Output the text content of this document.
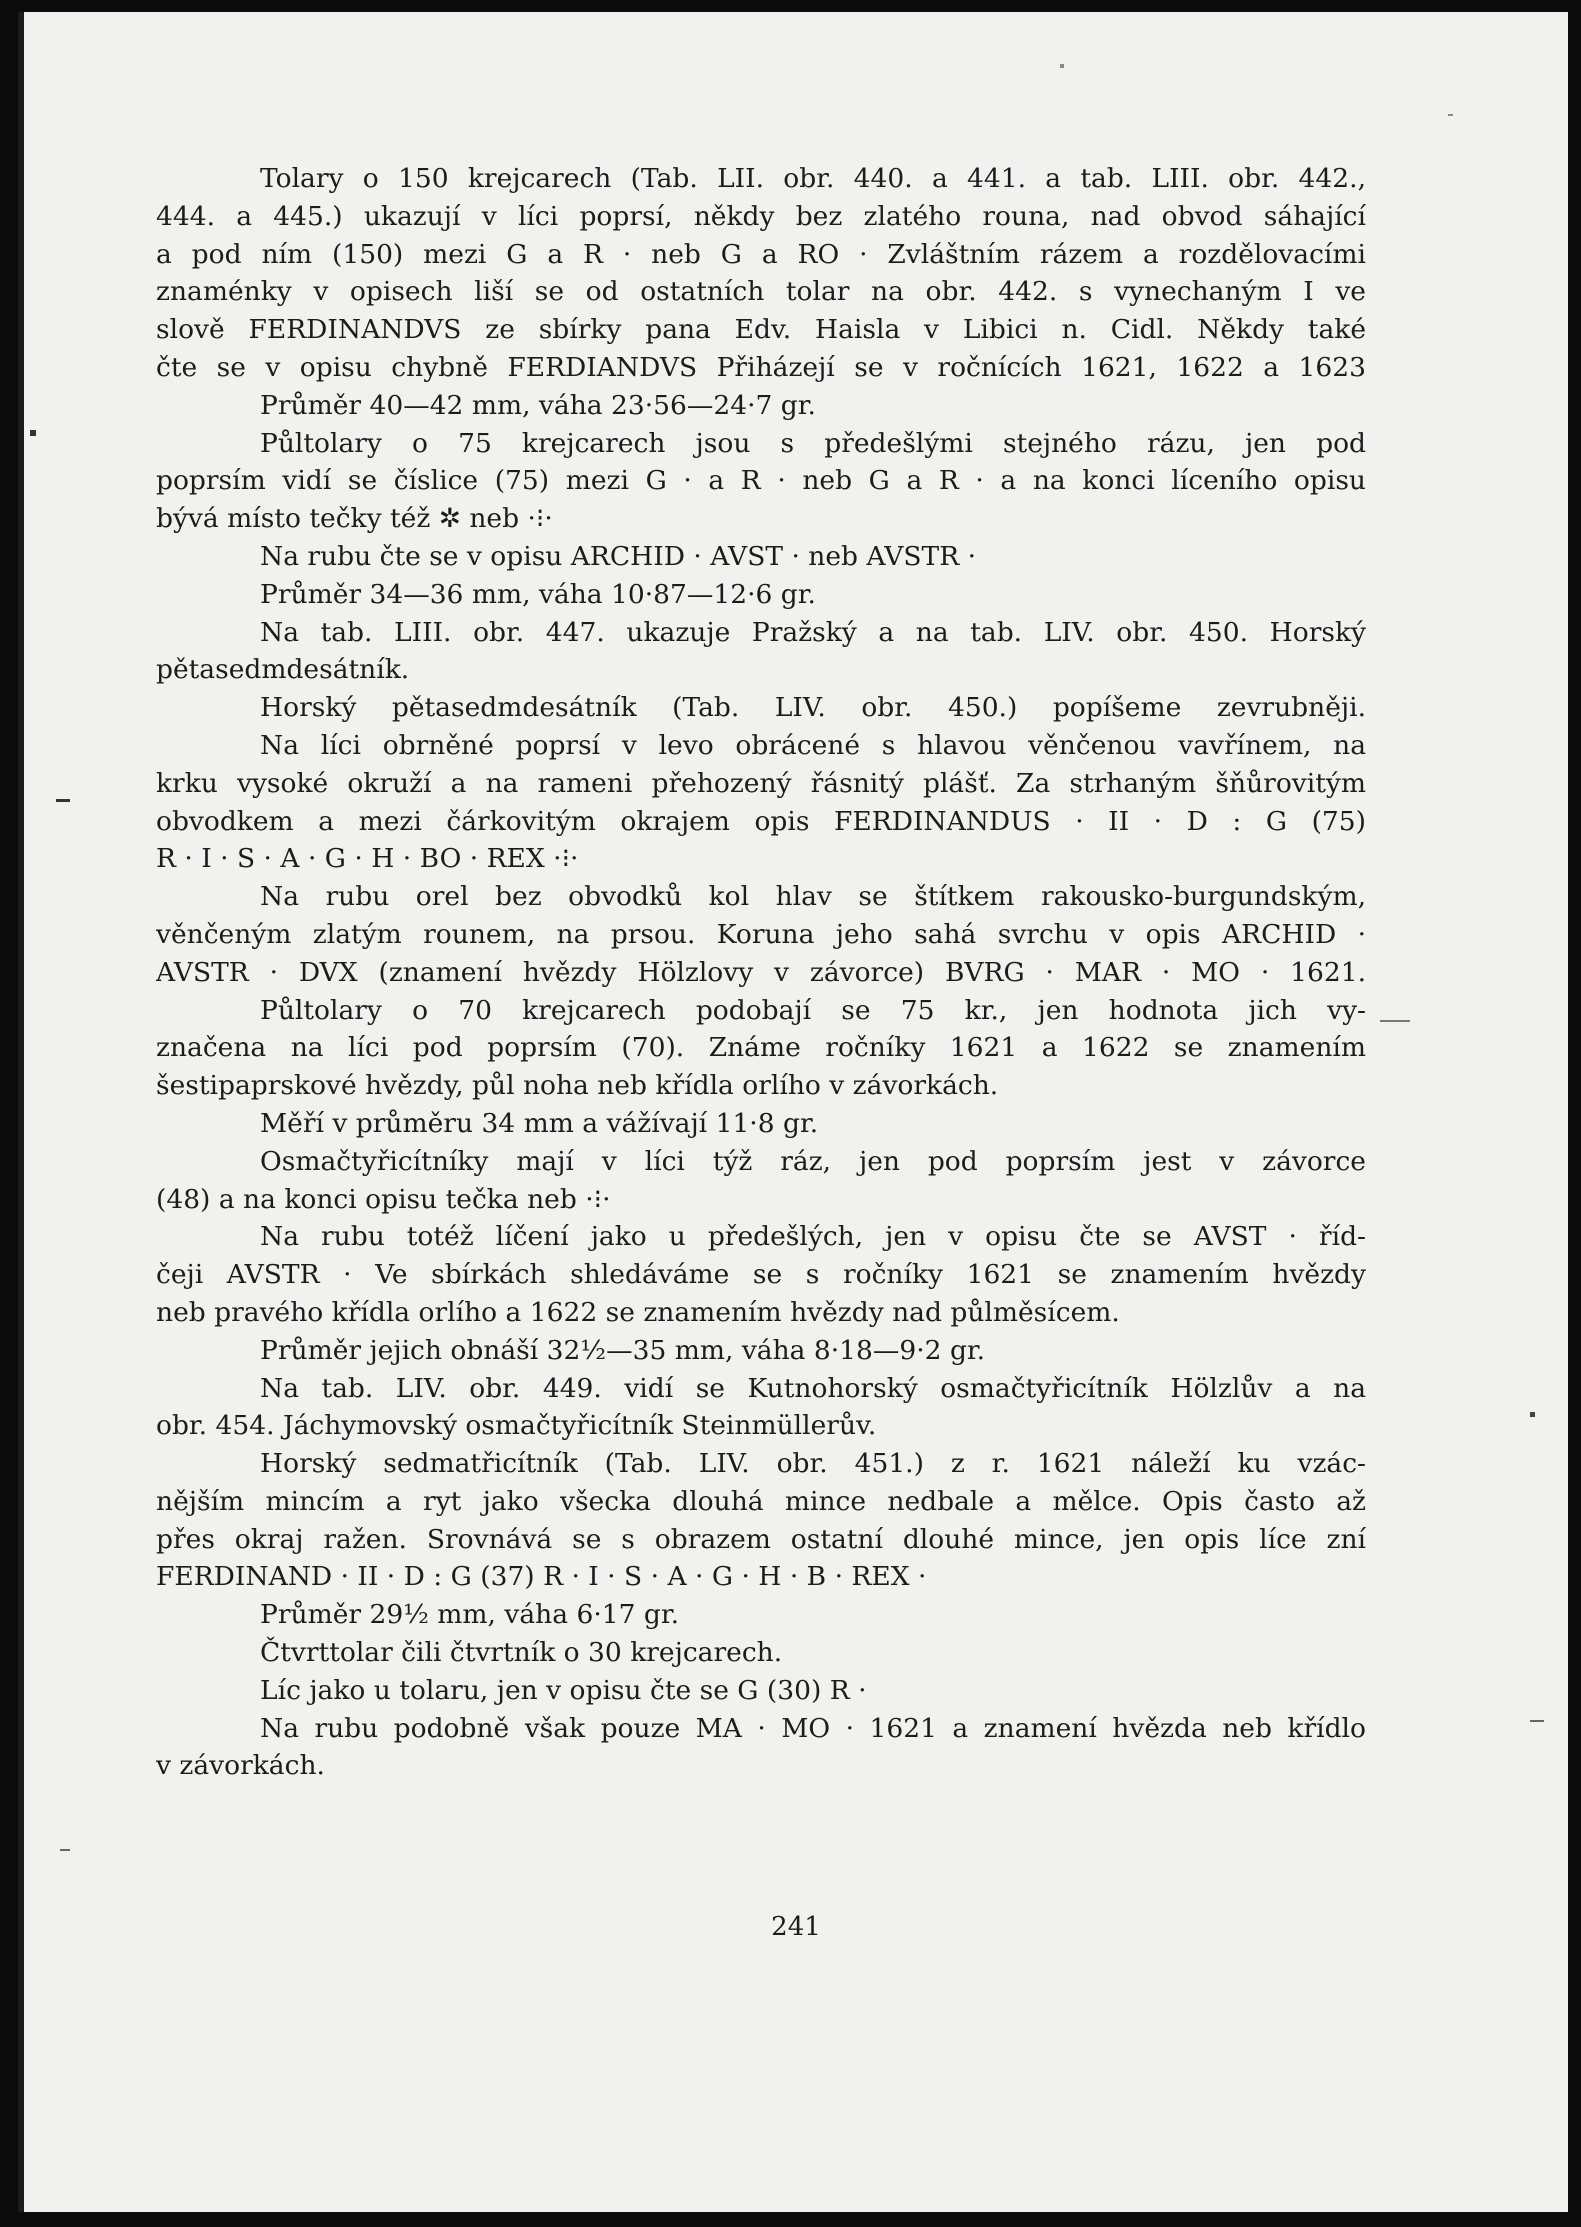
Tolary o 150 krejcarech (Tab. LII. obr. 440. a 441. a tab. LIII. obr. 442.,
444. a 445.) ukazují v líci poprsí, někdy bez zlatého rouna, nad obvod sáhající
a pod ním (150) mezi G a R · neb G a RO · Zvláštním rázem a rozdělovacími
znaménky v opisech liší se od ostatních tolar na obr. 442. s vynechaným I ve
slově FERDINANDVS ze sbírky pana Edv. Haisla v Libici n. Cidl. Někdy také
čte se v opisu chybně FERDIANDVS Přiházejí se v ročnících 1621, 1622 a 1623
Průměr 40—42 mm, váha 23·56—24·7 gr.
Půltolary o 75 krejcarech jsou s předešlými stejného rázu, jen pod
poprsím vidí se číslice (75) mezi G · a R · neb G a R · a na konci líceního opisu
bývá místo tečky též ✲ neb ·⁝·
Na rubu čte se v opisu ARCHID · AVST · neb AVSTR ·
Průměr 34—36 mm, váha 10·87—12·6 gr.
Na tab. LIII. obr. 447. ukazuje Pražský a na tab. LIV. obr. 450. Horský
pětasedmdesátník.
Horský pětasedmdesátník (Tab. LIV. obr. 450.) popíšeme zevrubněji.
Na líci obrněné poprsí v levo obrácené s hlavou věnčenou vavřínem, na
krku vysoké okruží a na rameni přehozený řásnitý plášť. Za strhaným šňůrovitým
obvodkem a mezi čárkovitým okrajem opis FERDINANDUS · II · D : G (75)
R · I · S · A · G · H · BO · REX ·⁝·
Na rubu orel bez obvodků kol hlav se štítkem rakousko-burgundským,
věnčeným zlatým rounem, na prsou. Koruna jeho sahá svrchu v opis ARCHID ·
AVSTR · DVX (znamení hvězdy Hölzlovy v závorce) BVRG · MAR · MO · 1621.
Půltolary o 70 krejcarech podobají se 75 kr., jen hodnota jich vy-
značena na líci pod poprsím (70). Známe ročníky 1621 a 1622 se znamením
šestipaprskové hvězdy, půl noha neb křídla orlího v závorkách.
Měří v průměru 34 mm a vážívají 11·8 gr.
Osmačtyřicítníky mají v líci týž ráz, jen pod poprsím jest v závorce
(48) a na konci opisu tečka neb ·⁝·
Na rubu totéž líčení jako u předešlých, jen v opisu čte se AVST · říd-
čeji AVSTR · Ve sbírkách shledáváme se s ročníky 1621 se znamením hvězdy
neb pravého křídla orlího a 1622 se znamením hvězdy nad půlměsícem.
Průměr jejich obnáší 32½—35 mm, váha 8·18—9·2 gr.
Na tab. LIV. obr. 449. vidí se Kutnohorský osmačtyřicítník Hölzlův a na
obr. 454. Jáchymovský osmačtyřicítník Steinmüllerův.
Horský sedmatřicítník (Tab. LIV. obr. 451.) z r. 1621 náleží ku vzác-
nějším mincím a ryt jako všecka dlouhá mince nedbale a mělce. Opis často až
přes okraj ražen. Srovnává se s obrazem ostatní dlouhé mince, jen opis líce zní
FERDINAND · II · D : G (37) R · I · S · A · G · H · B · REX ·
Průměr 29½ mm, váha 6·17 gr.
Čtvrttolar čili čtvrtník o 30 krejcarech.
Líc jako u tolaru, jen v opisu čte se G (30) R ·
Na rubu podobně však pouze MA · MO · 1621 a znamení hvězda neb křídlo
v závorkách.
241
